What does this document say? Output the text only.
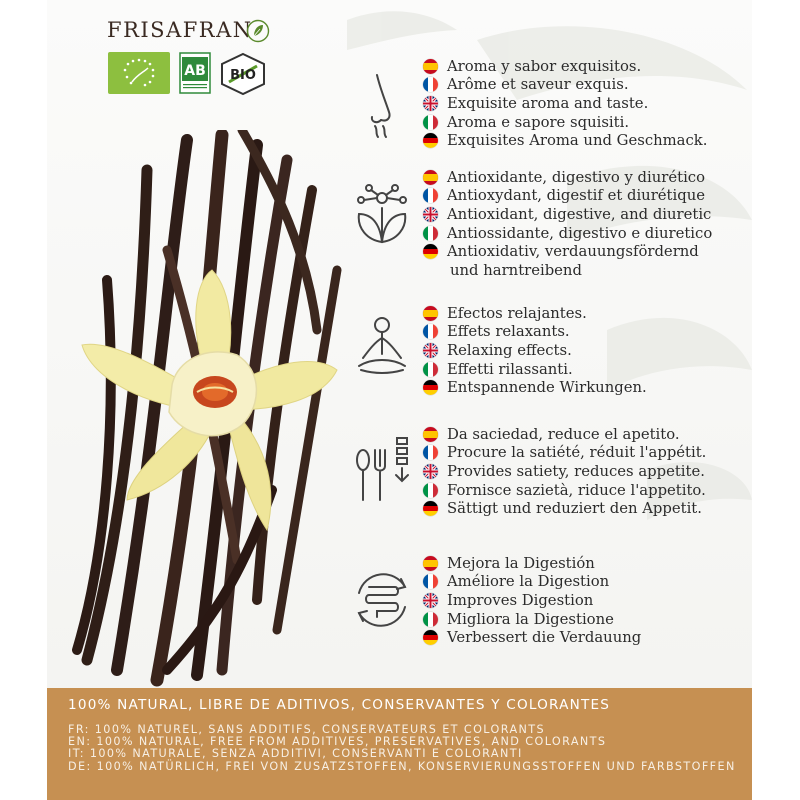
FRISAFRAN
AB BIO
Aroma y sabor exquisitos.
Arôme et saveur exquis.
Exquisite aroma and taste.
Aroma e sapore squisiti.
Exquisites Aroma und Geschmack.
Antioxidante, digestivo y diurético
Antioxydant, digestif et diurétique
Antioxidant, digestive, and diuretic
Antiossidante, digestivo e diuretico
Antioxidativ, verdauungsfördernd
und harntreibend
Efectos relajantes.
Effets relaxants.
Relaxing effects.
Effetti rilassanti.
Entspannende Wirkungen.
Da saciedad, reduce el apetito.
Procure la satiété, réduit l'appétit.
Provides satiety, reduces appetite.
Fornisce sazietà, riduce l'appetito.
Sättigt und reduziert den Appetit.
Mejora la Digestión
Améliore la Digestion
Improves Digestion
Migliora la Digestione
Verbessert die Verdauung
100% NATURAL, LIBRE DE ADITIVOS, CONSERVANTES Y COLORANTES
FR: 100% NATUREL, SANS ADDITIFS, CONSERVATEURS ET COLORANTS
EN: 100% NATURAL, FREE FROM ADDITIVES, PRESERVATIVES, AND COLORANTS
IT: 100% NATURALE, SENZA ADDITIVI, CONSERVANTI E COLORANTI
DE: 100% NATÜRLICH, FREI VON ZUSATZSTOFFEN, KONSERVIERUNGSSTOFFEN UND FARBSTOFFEN
